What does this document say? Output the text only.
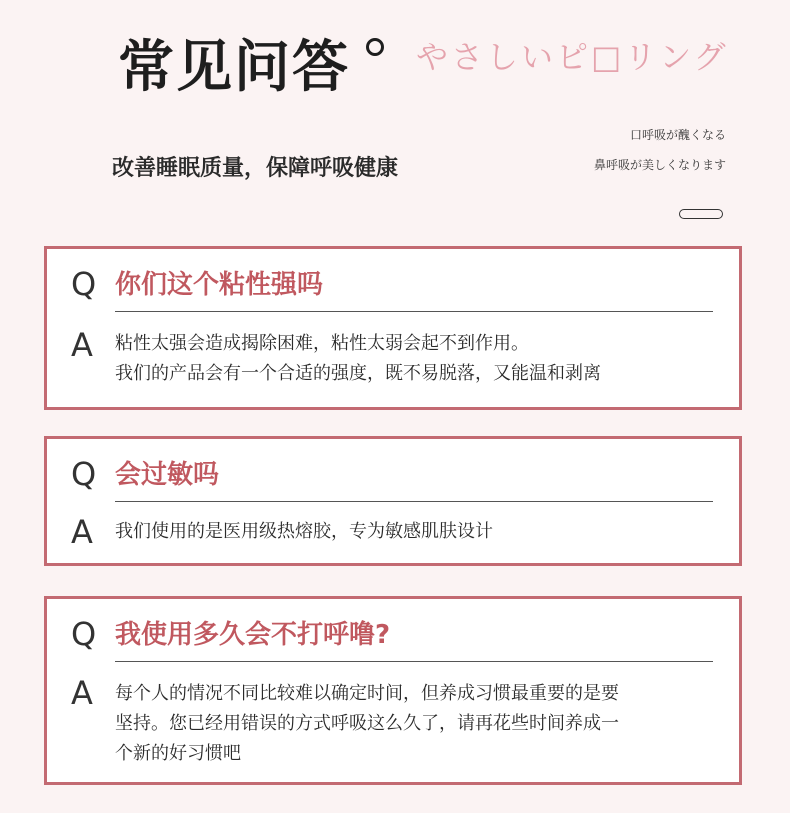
常见问答 やさしいピ□リング
改善睡眠质量，保障呼吸健康
口呼吸が醜くなる
鼻呼吸が美しくなります
Q 你们这个粘性强吗
A 粘性太强会造成揭除困难，粘性太弱会起不到作用。
我们的产品会有一个合适的强度，既不易脱落，又能温和剥离
Q 会过敏吗
A 我们使用的是医用级热熔胶，专为敏感肌肤设计
Q 我使用多久会不打呼噜?
A 每个人的情况不同比较难以确定时间，但养成习惯最重要的是要
坚持。您已经用错误的方式呼吸这么久了，请再花些时间养成一
个新的好习惯吧
